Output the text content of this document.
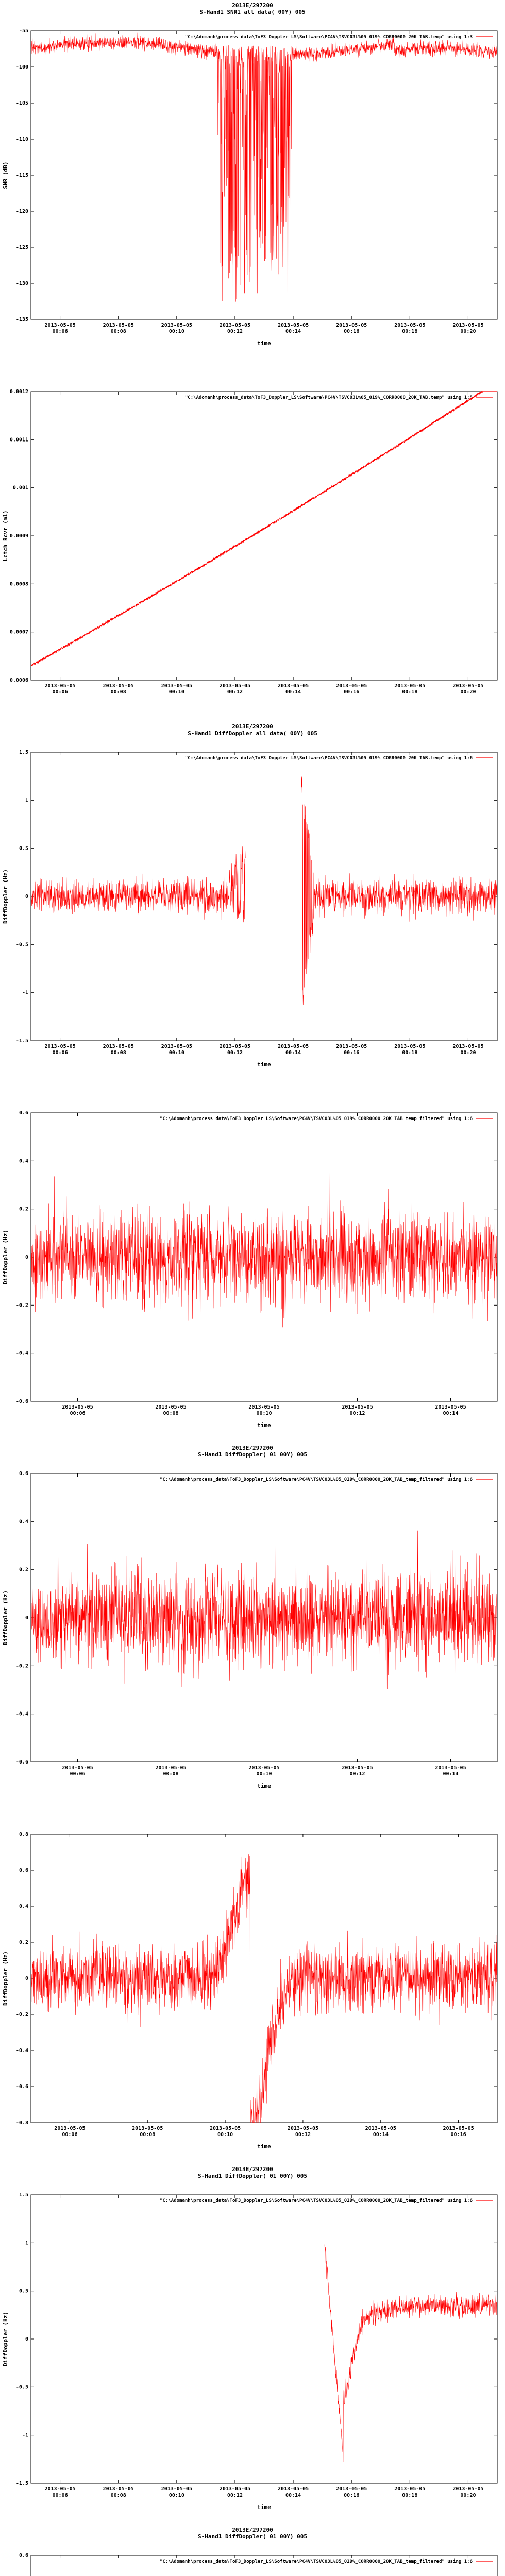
2013E/297200
S-Hand1 SNR1 all data( 00Y) 005
-55
-100
-105
-110
-115
-120
-125
-130
-135
2013-05-05
00:06
2013-05-05
00:08
2013-05-05
00:10
2013-05-05
00:12
2013-05-05
00:14
2013-05-05
00:16
2013-05-05
00:18
2013-05-05
00:20
time
SNR (dB)
"C:\Adomanh\process_data\ToF3_Doppler_LS\Software\PC4V\TSVC03L%05_019%_CORR0000_20K_TAB.temp" using 1:3
0.0012
0.0011
0.001
0.0009
0.0008
0.0007
0.0006
2013-05-05
00:06
2013-05-05
00:08
2013-05-05
00:10
2013-05-05
00:12
2013-05-05
00:14
2013-05-05
00:16
2013-05-05
00:18
2013-05-05
00:20
Lctch Rcvr (m1)
"C:\Adomanh\process_data\ToF3_Doppler_LS\Software\PC4V\TSVC03L%05_019%_CORR0000_20K_TAB.temp" using 1:5
2013E/297200
S-Hand1 DiffDoppler all data( 00Y) 005
1.5
1
0.5
0
-0.5
-1
-1.5
2013-05-05
00:06
2013-05-05
00:08
2013-05-05
00:10
2013-05-05
00:12
2013-05-05
00:14
2013-05-05
00:16
2013-05-05
00:18
2013-05-05
00:20
time
DiffDoppler (Hz)
"C:\Adomanh\process_data\ToF3_Doppler_LS\Software\PC4V\TSVC03L%05_019%_CORR0000_20K_TAB.temp" using 1:6
0.6
0.4
0.2
0
-0.2
-0.4
-0.6
2013-05-05
00:06
2013-05-05
00:08
2013-05-05
00:10
2013-05-05
00:12
2013-05-05
00:14
time
DiffDoppler (Hz)
"C:\Adomanh\process_data\ToF3_Doppler_LS\Software\PC4V\TSVC03L%05_019%_CORR0000_20K_TAB_temp_filtered" using 1:6
2013E/297200
S-Hand1 DiffDoppler( 01 00Y) 005
0.6
0.4
0.2
0
-0.2
-0.4
-0.6
2013-05-05
00:06
2013-05-05
00:08
2013-05-05
00:10
2013-05-05
00:12
2013-05-05
00:14
time
DiffDoppler (Hz)
"C:\Adomanh\process_data\ToF3_Doppler_LS\Software\PC4V\TSVC03L%05_019%_CORR0000_20K_TAB_temp_filtered" using 1:6
0.8
0.6
0.4
0.2
0
-0.2
-0.4
-0.6
-0.8
2013-05-05
00:06
2013-05-05
00:08
2013-05-05
00:10
2013-05-05
00:12
2013-05-05
00:14
2013-05-05
00:16
time
DiffDoppler (Hz)
2013E/297200
S-Hand1 DiffDoppler( 01 00Y) 005
1.5
1
0.5
0
-0.5
-1
-1.5
2013-05-05
00:06
2013-05-05
00:08
2013-05-05
00:10
2013-05-05
00:12
2013-05-05
00:14
2013-05-05
00:16
2013-05-05
00:18
2013-05-05
00:20
time
DiffDoppler (Hz)
"C:\Adomanh\process_data\ToF3_Doppler_LS\Software\PC4V\TSVC03L%05_019%_CORR0000_20K_TAB_temp_filtered" using 1:6
2013E/297200
S-Hand1 DiffDoppler( 01 00Y) 005
0.6
"C:\Adomanh\process_data\ToF3_Doppler_LS\Software\PC4V\TSVC03L%05_019%_CORR0000_20K_TAB_temp_filtered" using 1:6
